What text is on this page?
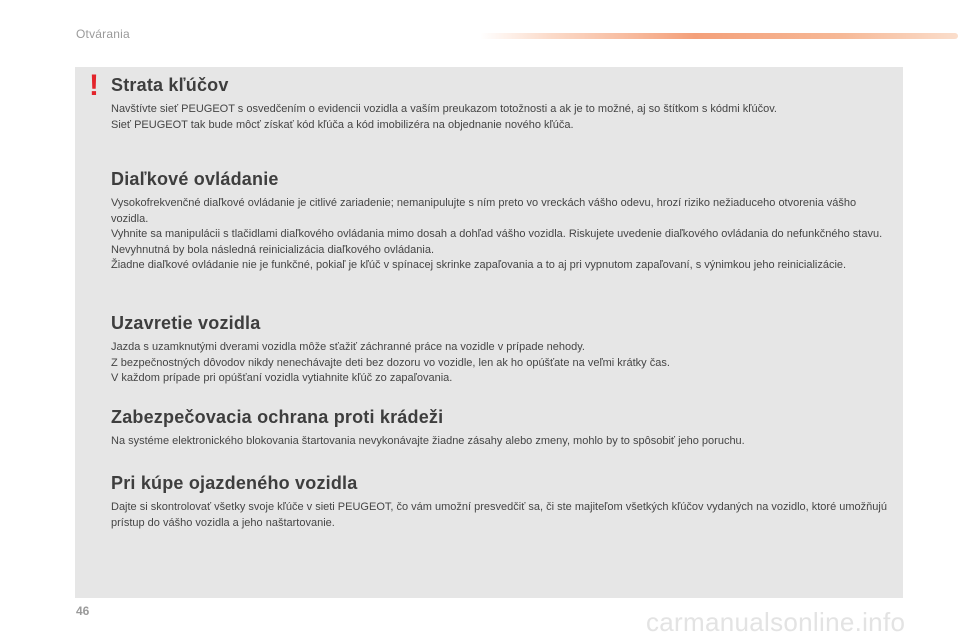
Otvárania
! Strata kľúčov

Navštívte sieť PEUGEOT s osvedčením o evidencii vozidla a vaším preukazom totožnosti a ak je to možné, aj so štítkom s kódmi kľúčov.
Sieť PEUGEOT tak bude môcť získať kód kľúča a kód imobilizéra na objednanie nového kľúča.

Diaľkové ovládanie

Vysokofrekvenčné diaľkové ovládanie je citlivé zariadenie; nemanipulujte s ním preto vo vreckách vášho odevu, hrozí riziko nežiaduceho otvorenia vášho vozidla.
Vyhnite sa manipulácii s tlačidlami diaľkového ovládania mimo dosah a dohľad vášho vozidla. Riskujete uvedenie diaľkového ovládania do nefunkčného stavu. Nevyhnutná by bola následná reinicializácia diaľkového ovládania.
Žiadne diaľkové ovládanie nie je funkčné, pokiaľ je kľúč v spínacej skrinke zapaľovania a to aj pri vypnutom zapaľovaní, s výnimkou jeho reinicializácie.

Uzavretie vozidla

Jazda s uzamknutými dverami vozidla môže sťažiť záchranné práce na vozidle v prípade nehody.
Z bezpečnostných dôvodov nikdy nenechávajte deti bez dozoru vo vozidle, len ak ho opúšťate na veľmi krátky čas.
V každom prípade pri opúšťaní vozidla vytiahnite kľúč zo zapaľovania.

Zabezpečovacia ochrana proti krádeži

Na systéme elektronického blokovania štartovania nevykonávajte žiadne zásahy alebo zmeny, mohlo by to spôsobiť jeho poruchu.

Pri kúpe ojazdeného vozidla

Dajte si skontrolovať všetky svoje kľúče v sieti PEUGEOT, čo vám umožní presvedčiť sa, či ste majiteľom všetkých kľúčov vydaných na vozidlo, ktoré umožňujú prístup do vášho vozidla a jeho naštartovanie.

46	carmanualsonline.info
